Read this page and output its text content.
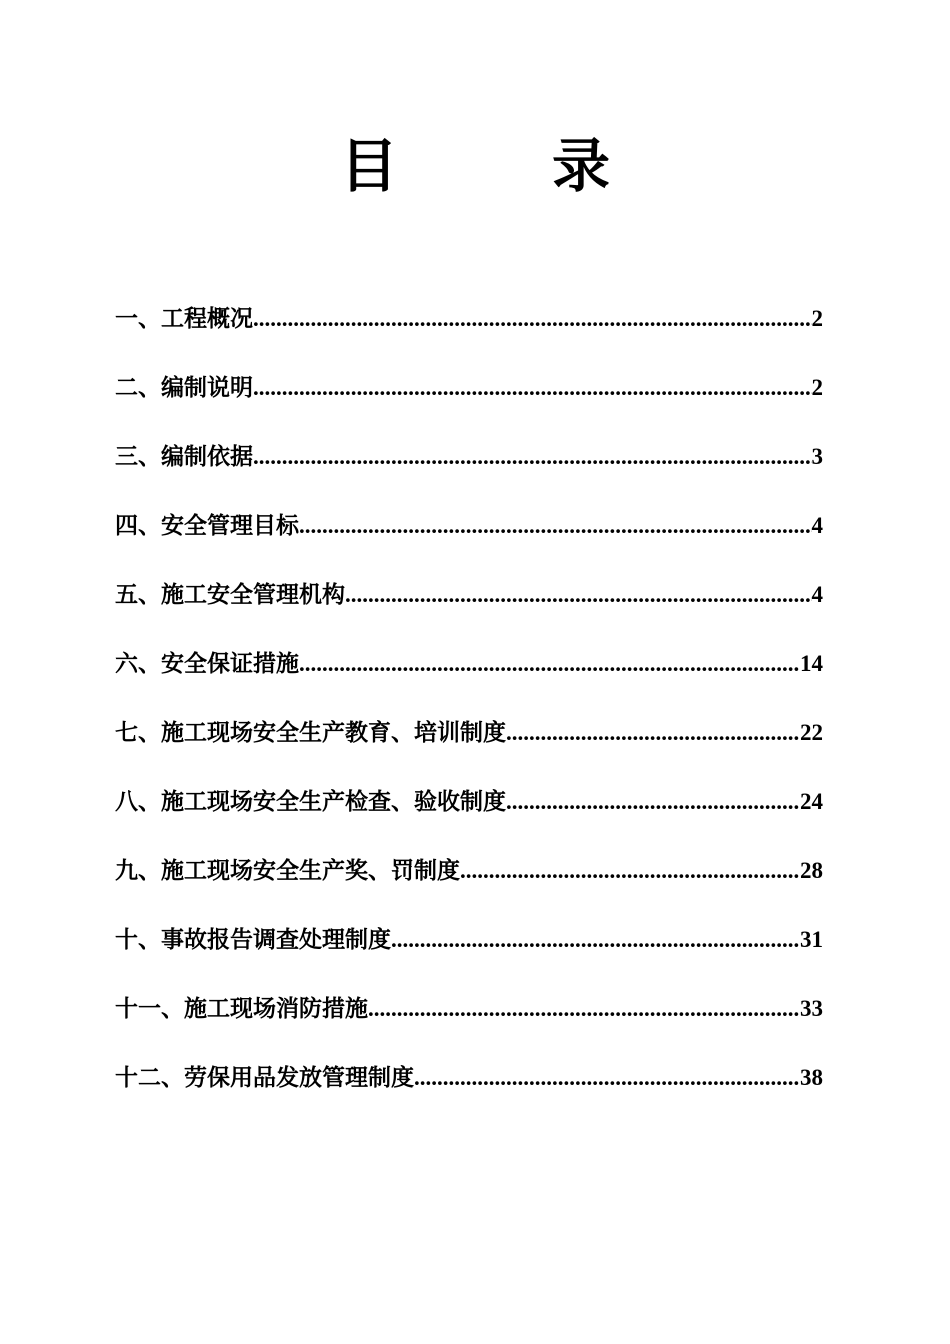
目　录
一、工程概况 .....	2
二、编制说明 .....	2
三、编制依据 .....	3
四、安全管理目标 .....	4
五、施工安全管理机构 .....	4
六、安全保证措施 .....	14
七、施工现场安全生产教育、培训制度 .....	22
八、施工现场安全生产检查、验收制度 .....	24
九、施工现场安全生产奖、罚制度 .....	28
十、事故报告调查处理制度 .....	31
十一、施工现场消防措施 .....	33
十二、劳保用品发放管理制度 .....	38
